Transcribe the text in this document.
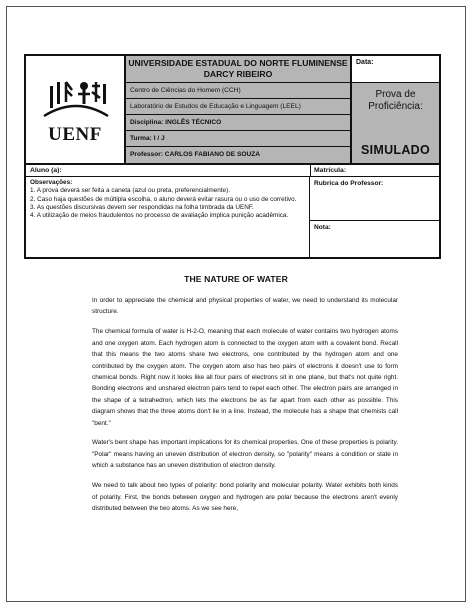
UENF
UNIVERSIDADE ESTADUAL DO NORTE FLUMINENSE DARCY RIBEIRO
Centro de Ciências do Homem (CCH)
Laboratório de Estudos de Educação e Linguagem (LEEL)
Disciplina: INGLÊS TÉCNICO
Turma: I / J
Professor: CARLOS FABIANO DE SOUZA
Data:
Prova de Proficiência:
SIMULADO
Aluno (a):	Matrícula:
Observações:
1. A prova deverá ser feita a caneta (azul ou preta, preferencialmente).
2. Caso haja questões de múltipla escolha, o aluno deverá evitar rasura ou o uso de corretivo.
3. As questões discursivas devem ser respondidas na folha timbrada da UENF.
4. A utilização de meios fraudulentos no processo de avaliação implica punição acadêmica.
Rubrica do Professor:
Nota:
THE NATURE OF WATER

In order to appreciate the chemical and physical properties of water, we need to understand its molecular structure.

The chemical formula of water is H-2-O, meaning that each molecule of water contains two hydrogen atoms and one oxygen atom. Each hydrogen atom is connected to the oxygen atom with a covalent bond. Recall that this means the two atoms share two electrons, one contributed by the hydrogen atom and one contributed by the oxygen atom. The oxygen atom also has two pairs of electrons it doesn't use to form chemical bonds. Right now it looks like all four pairs of electrons sit in one plane, but that's not quite right. Bonding electrons and unshared electron pairs tend to repel each other. The electron pairs are arranged in the shape of a tetrahedron, which lets the electrons be as far apart from each other as possible. This diagram shows that the three atoms don't lie in a line. Instead, the molecule has a shape that chemists call "bent."

Water's bent shape has important implications for its chemical properties. One of these properties is polarity. "Polar" means having an uneven distribution of electron density, so "polarity" means a condition or state in which a substance has an uneven distribution of electron density.

We need to talk about two types of polarity: bond polarity and molecular polarity. Water exhibits both kinds of polarity. First, the bonds between oxygen and hydrogen are polar because the electrons aren't evenly distributed between the two atoms. As we see here,
